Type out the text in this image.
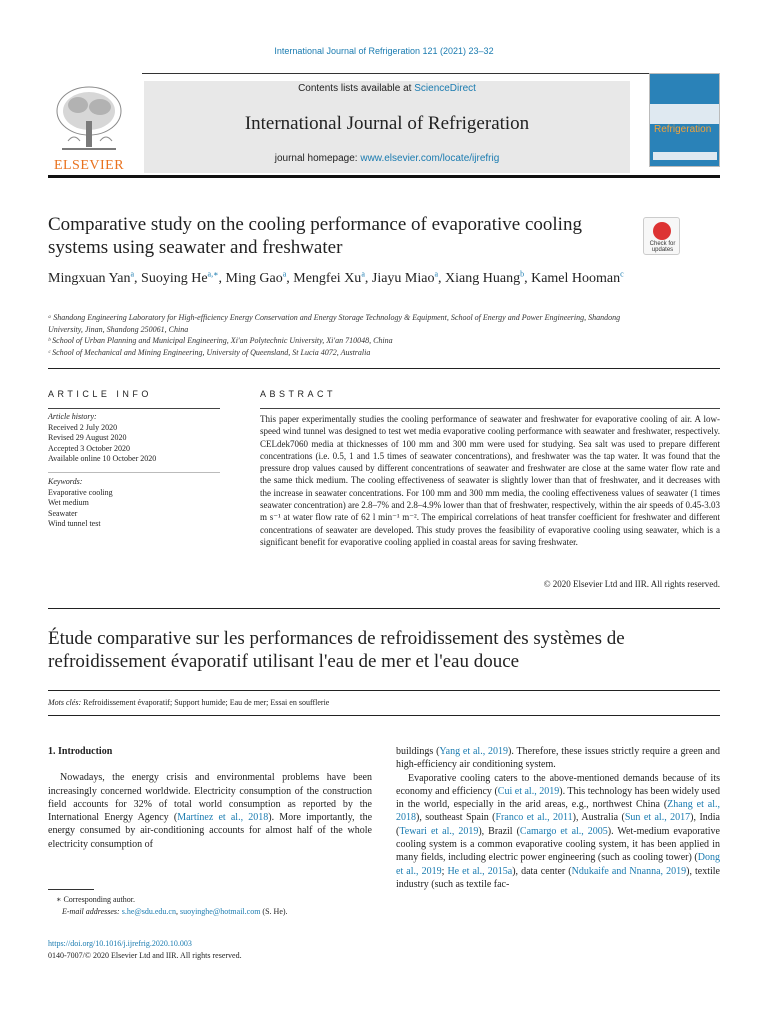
International Journal of Refrigeration 121 (2021) 23–32
ELSEVIER
Contents lists available at ScienceDirect
International Journal of Refrigeration
journal homepage: www.elsevier.com/locate/ijrefrig
Refrigeration
Comparative study on the cooling performance of evaporative cooling systems using seawater and freshwater	Check for updates
Mingxuan Yan$^a$, Suoying $He^{a,∗}$, Ming Gao$^a$, Mengfei Xu$^a$, Jiayu Miao$^a$, Xiang Huang$^b$, Kamel Hooman$^c$
ᵃ Shandong Engineering Laboratory for High-efficiency Energy Conservation and Energy Storage Technology & Equipment, School of Energy and Power Engineering, Shandong University, Jinan, Shandong 250061, China
ᵇ School of Urban Planning and Municipal Engineering, Xi'an Polytechnic University, Xi'an 710048, China
ᶜ School of Mechanical and Mining Engineering, University of Queensland, St Lucia 4072, Australia
ARTICLE INFO	ABSTRACT
Article history:
Received 2 July 2020
Revised 29 August 2020
Accepted 3 October 2020
Available online 10 October 2020
Keywords:
Evaporative cooling
Wet medium
Seawater
Wind tunnel test
This paper experimentally studies the cooling performance of seawater and freshwater for evaporative cooling of air. A low-speed wind tunnel was designed to test wet media evaporative cooling performance with seawater and freshwater, respectively. CELdek7060 media at thicknesses of 100 mm and 300 mm were used for studying. Sea salt was used to prepare different concentrations (i.e. 0.5, 1 and 1.5 times of seawater concentrations), and freshwater was the tap water. It was found that the pressure drop values caused by different concentrations of seawater and freshwater are close at the same water flow rate and the same thick medium. The cooling effectiveness of seawater is slightly lower than that of freshwater, and it decreases with the increase in seawater concentrations. For 100 mm and 300 mm media, the cooling effectiveness values of seawater (1 times seawater concentration) are 2.8–7% and 2.8–4.9% lower than that of freshwater, respectively, within the air speeds of 0.45-3.03 m s⁻¹ at water flow rate of 62 l min⁻¹ m⁻². The empirical correlations of heat transfer coefficient for freshwater and different concentrations of seawater are developed. This study proves the feasibility of evaporative cooling using seawater, which is a significant benefit for evaporative cooling applied in coastal areas for saving freshwater.
© 2020 Elsevier Ltd and IIR. All rights reserved.
Étude comparative sur les performances de refroidissement des systèmes de refroidissement évaporatif utilisant l'eau de mer et l'eau douce
Mots clés: Refroidissement évaporatif; Support humide; Eau de mer; Essai en soufflerie
1. Introduction
Nowadays, the energy crisis and environmental problems have been increasingly concerned worldwide. Electricity consumption of the construction field accounts for 32% of total world consumption as reported by the International Energy Agency (Martínez et al., 2018). More importantly, the energy consumed by air-conditioning accounts for almost half of the whole electricity consumption of
buildings (Yang et al., 2019). Therefore, these issues strictly require a green and high-efficiency air conditioning system.
Evaporative cooling caters to the above-mentioned demands because of its economy and efficiency (Cui et al., 2019). This technology has been widely used in the world, especially in the arid areas, e.g., northwest China (Zhang et al., 2018), southeast Spain (Franco et al., 2011), Australia (Sun et al., 2017), India (Tewari et al., 2019), Brazil (Camargo et al., 2005). Wet-medium evaporative cooling system is a common evaporative cooling system, it has been applied in many fields, including electric power engineering (such as cooling tower) (Dong et al., 2019; He et al., 2015a), data center (Ndukaife and Nnanna, 2019), textile industry (such as textile fac-
∗ Corresponding author.
E-mail addresses: s.he@sdu.edu.cn, suoyinghe@hotmail.com (S. He).
https://doi.org/10.1016/j.ijrefrig.2020.10.003
0140-7007/© 2020 Elsevier Ltd and IIR. All rights reserved.
